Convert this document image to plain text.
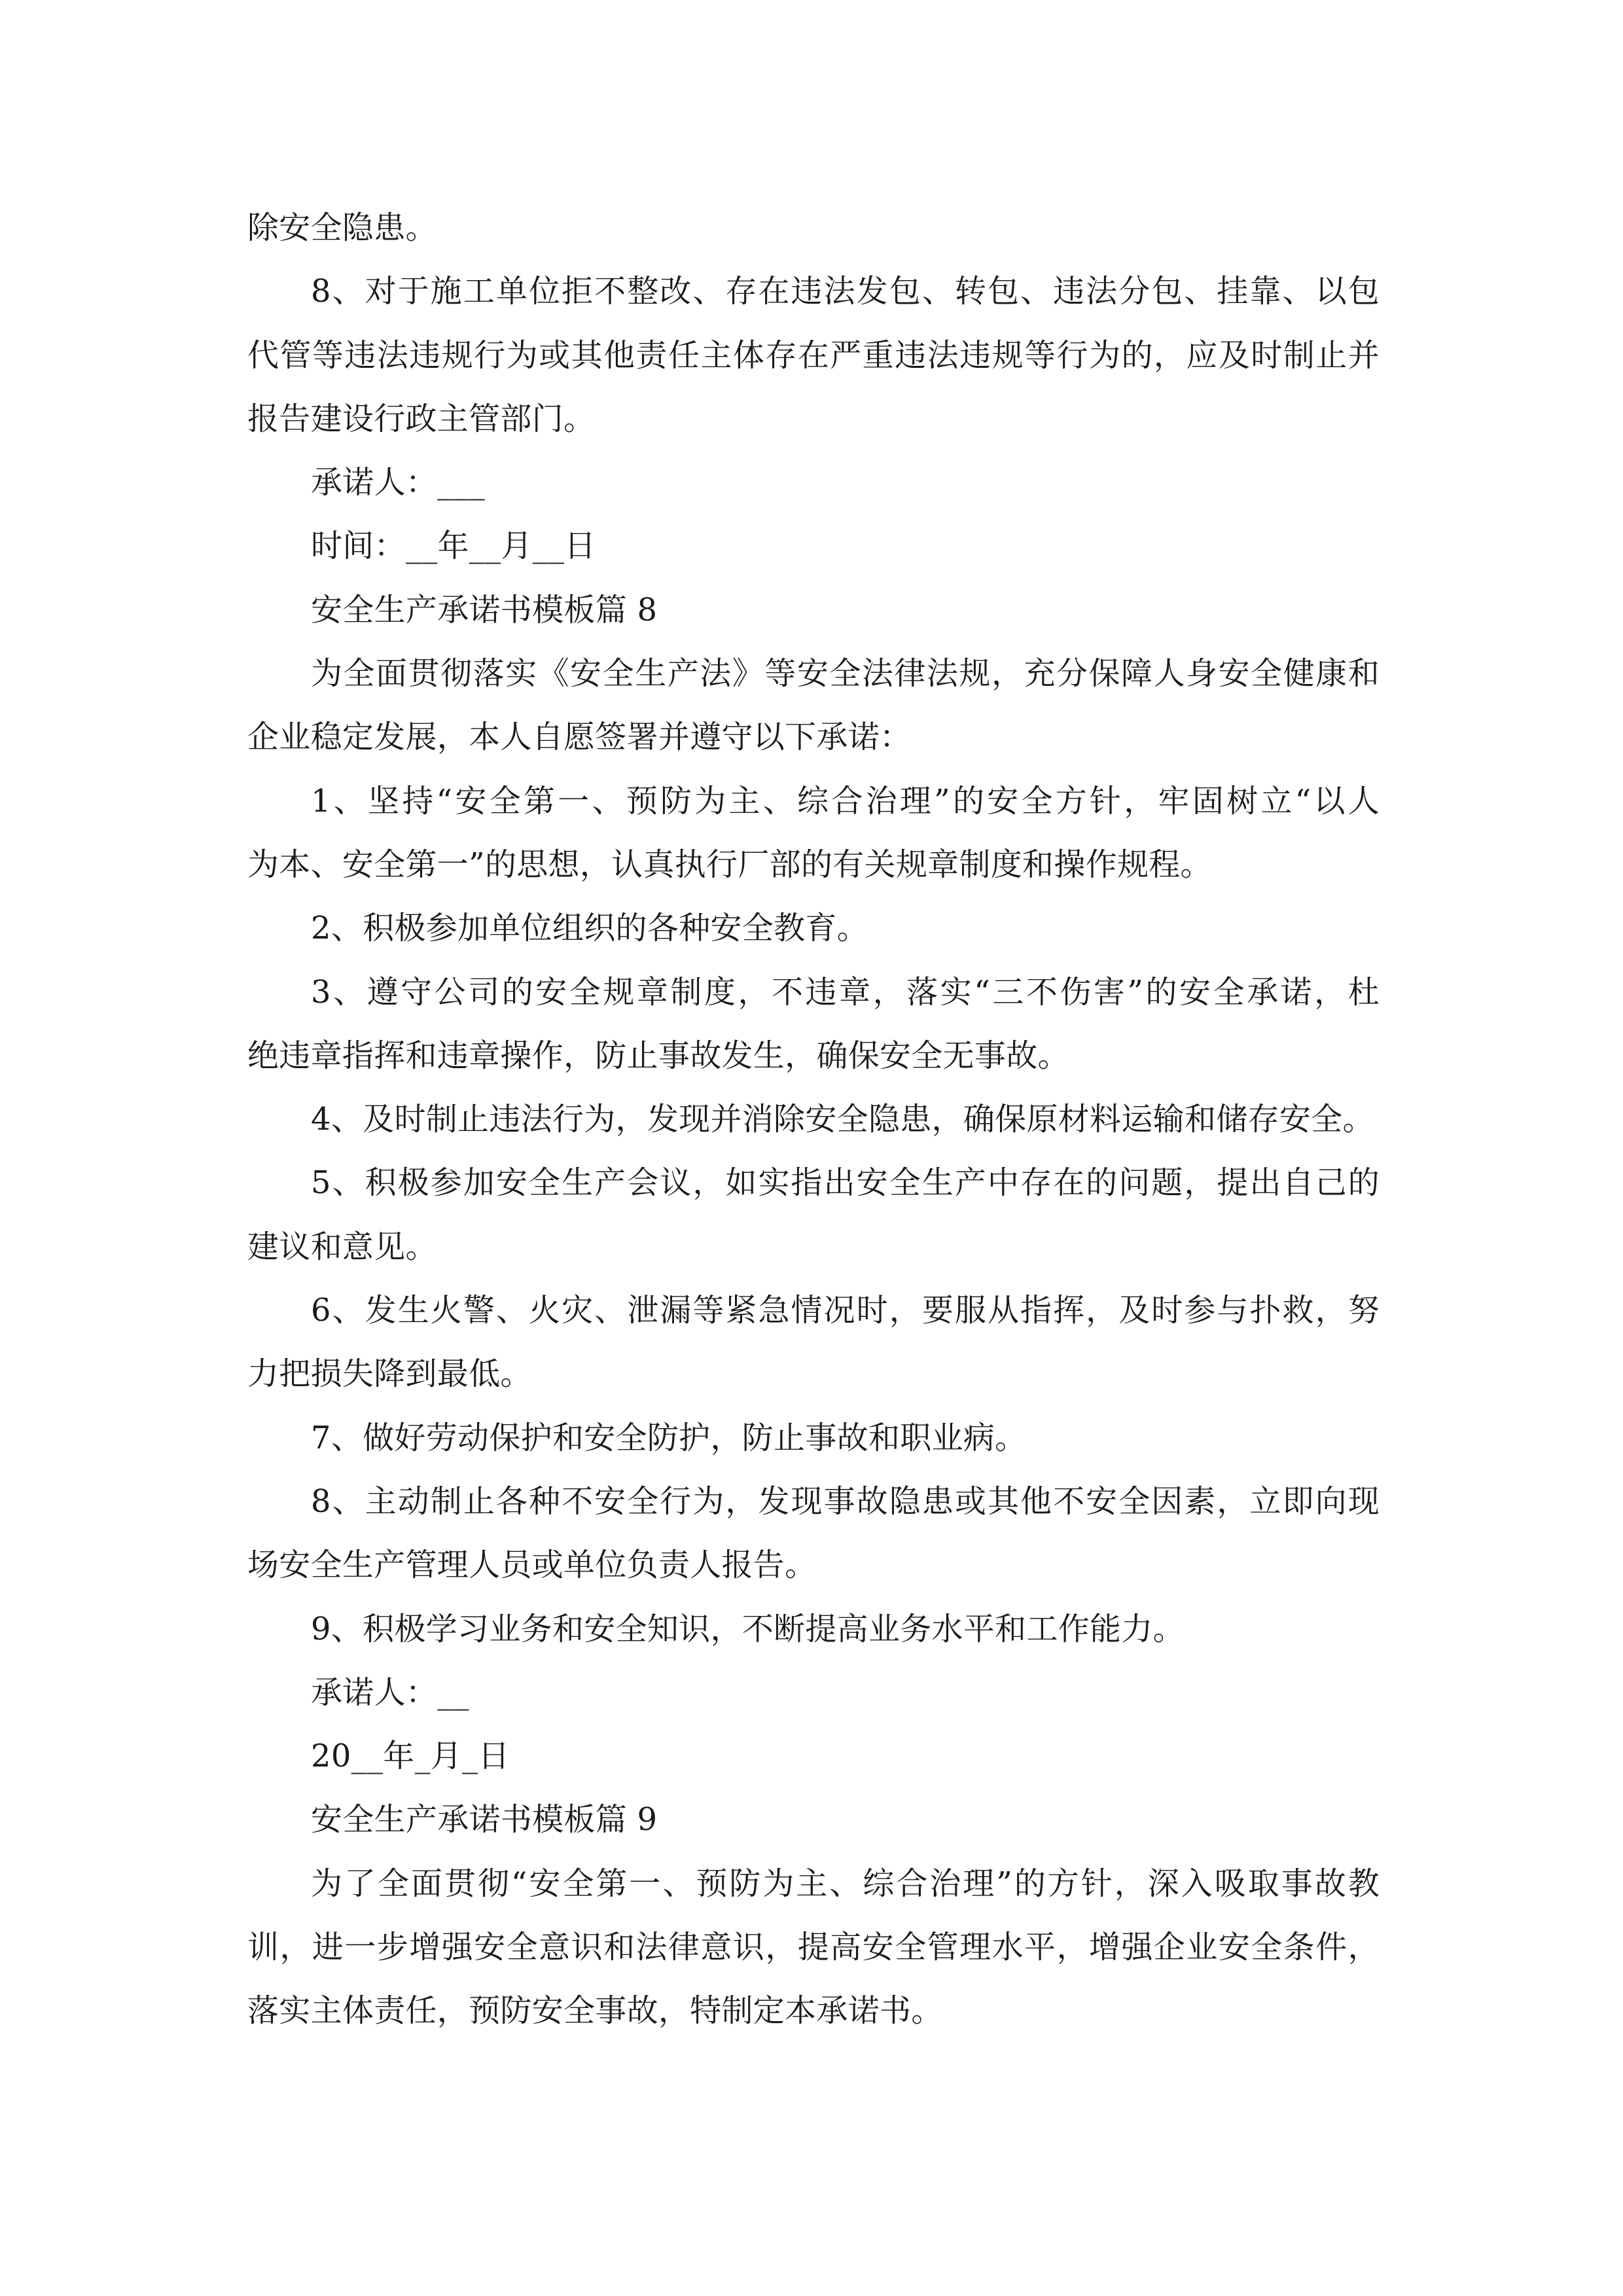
除安全隐患。
8、对于施工单位拒不整改、存在违法发包、转包、违法分包、挂靠、以包
代管等违法违规行为或其他责任主体存在严重违法违规等行为的，应及时制止并
报告建设行政主管部门。
承诺人：___
时间：__年__月__日
安全生产承诺书模板篇 8
为全面贯彻落实《安全生产法》等安全法律法规，充分保障人身安全健康和
企业稳定发展，本人自愿签署并遵守以下承诺：
1、坚持“安全第一、预防为主、综合治理”的安全方针，牢固树立“以人
为本、安全第一”的思想，认真执行厂部的有关规章制度和操作规程。
2、积极参加单位组织的各种安全教育。
3、遵守公司的安全规章制度，不违章，落实“三不伤害”的安全承诺，杜
绝违章指挥和违章操作，防止事故发生，确保安全无事故。
4、及时制止违法行为，发现并消除安全隐患，确保原材料运输和储存安全。
5、积极参加安全生产会议，如实指出安全生产中存在的问题，提出自己的
建议和意见。
6、发生火警、火灾、泄漏等紧急情况时，要服从指挥，及时参与扑救，努
力把损失降到最低。
7、做好劳动保护和安全防护，防止事故和职业病。
8、主动制止各种不安全行为，发现事故隐患或其他不安全因素，立即向现
场安全生产管理人员或单位负责人报告。
9、积极学习业务和安全知识，不断提高业务水平和工作能力。
承诺人：__
20__年_月_日
安全生产承诺书模板篇 9
为了全面贯彻“安全第一、预防为主、综合治理”的方针，深入吸取事故教
训，进一步增强安全意识和法律意识，提高安全管理水平，增强企业安全条件，
落实主体责任，预防安全事故，特制定本承诺书。
